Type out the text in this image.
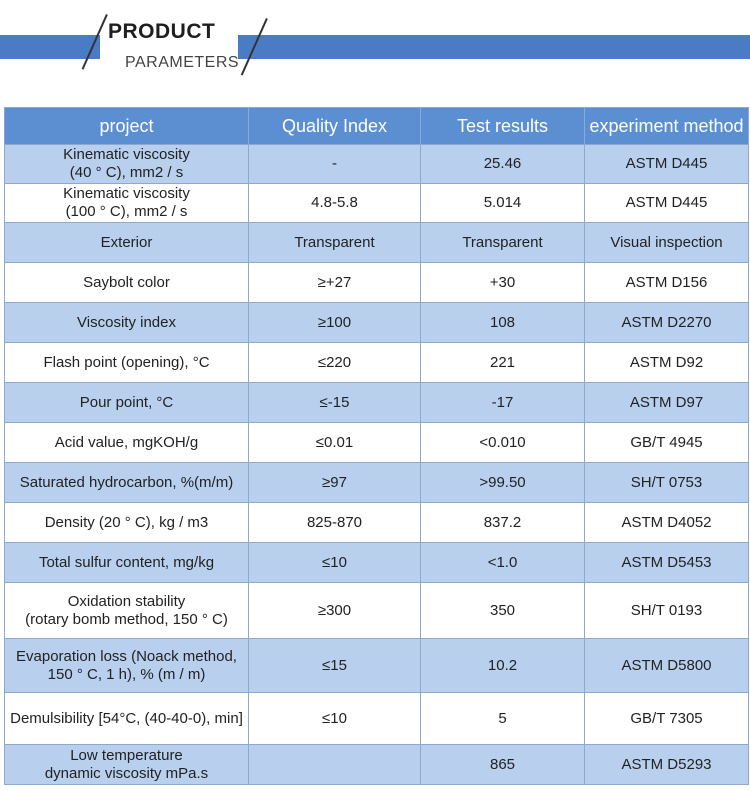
PRODUCT
PARAMETERS
project	Quality Index	Test results	experiment method
Kinematic viscosity
(40 ° C), mm2 / s	-	25.46	ASTM D445
Kinematic viscosity
(100 ° C), mm2 / s	4.8-5.8	5.014	ASTM D445
Exterior	Transparent	Transparent	Visual inspection
Saybolt color	≥+27	+30	ASTM D156
Viscosity index	≥100	108	ASTM D2270
Flash point (opening), °C	≤220	221	ASTM D92
Pour point, °C	≤-15	-17	ASTM D97
Acid value, mgKOH/g	≤0.01	<0.010	GB/T 4945
Saturated hydrocarbon, %(m/m)	≥97	>99.50	SH/T 0753
Density (20 ° C), kg / m3	825-870	837.2	ASTM D4052
Total sulfur content, mg/kg	≤10	<1.0	ASTM D5453
Oxidation stability
(rotary bomb method, 150 ° C)	≥300	350	SH/T 0193
Evaporation loss (Noack method,
150 ° C, 1 h), % (m / m)	≤15	10.2	ASTM D5800
Demulsibility [54°C, (40-40-0), min]	≤10	5	GB/T 7305
Low temperature
dynamic viscosity mPa.s		865	ASTM D5293
